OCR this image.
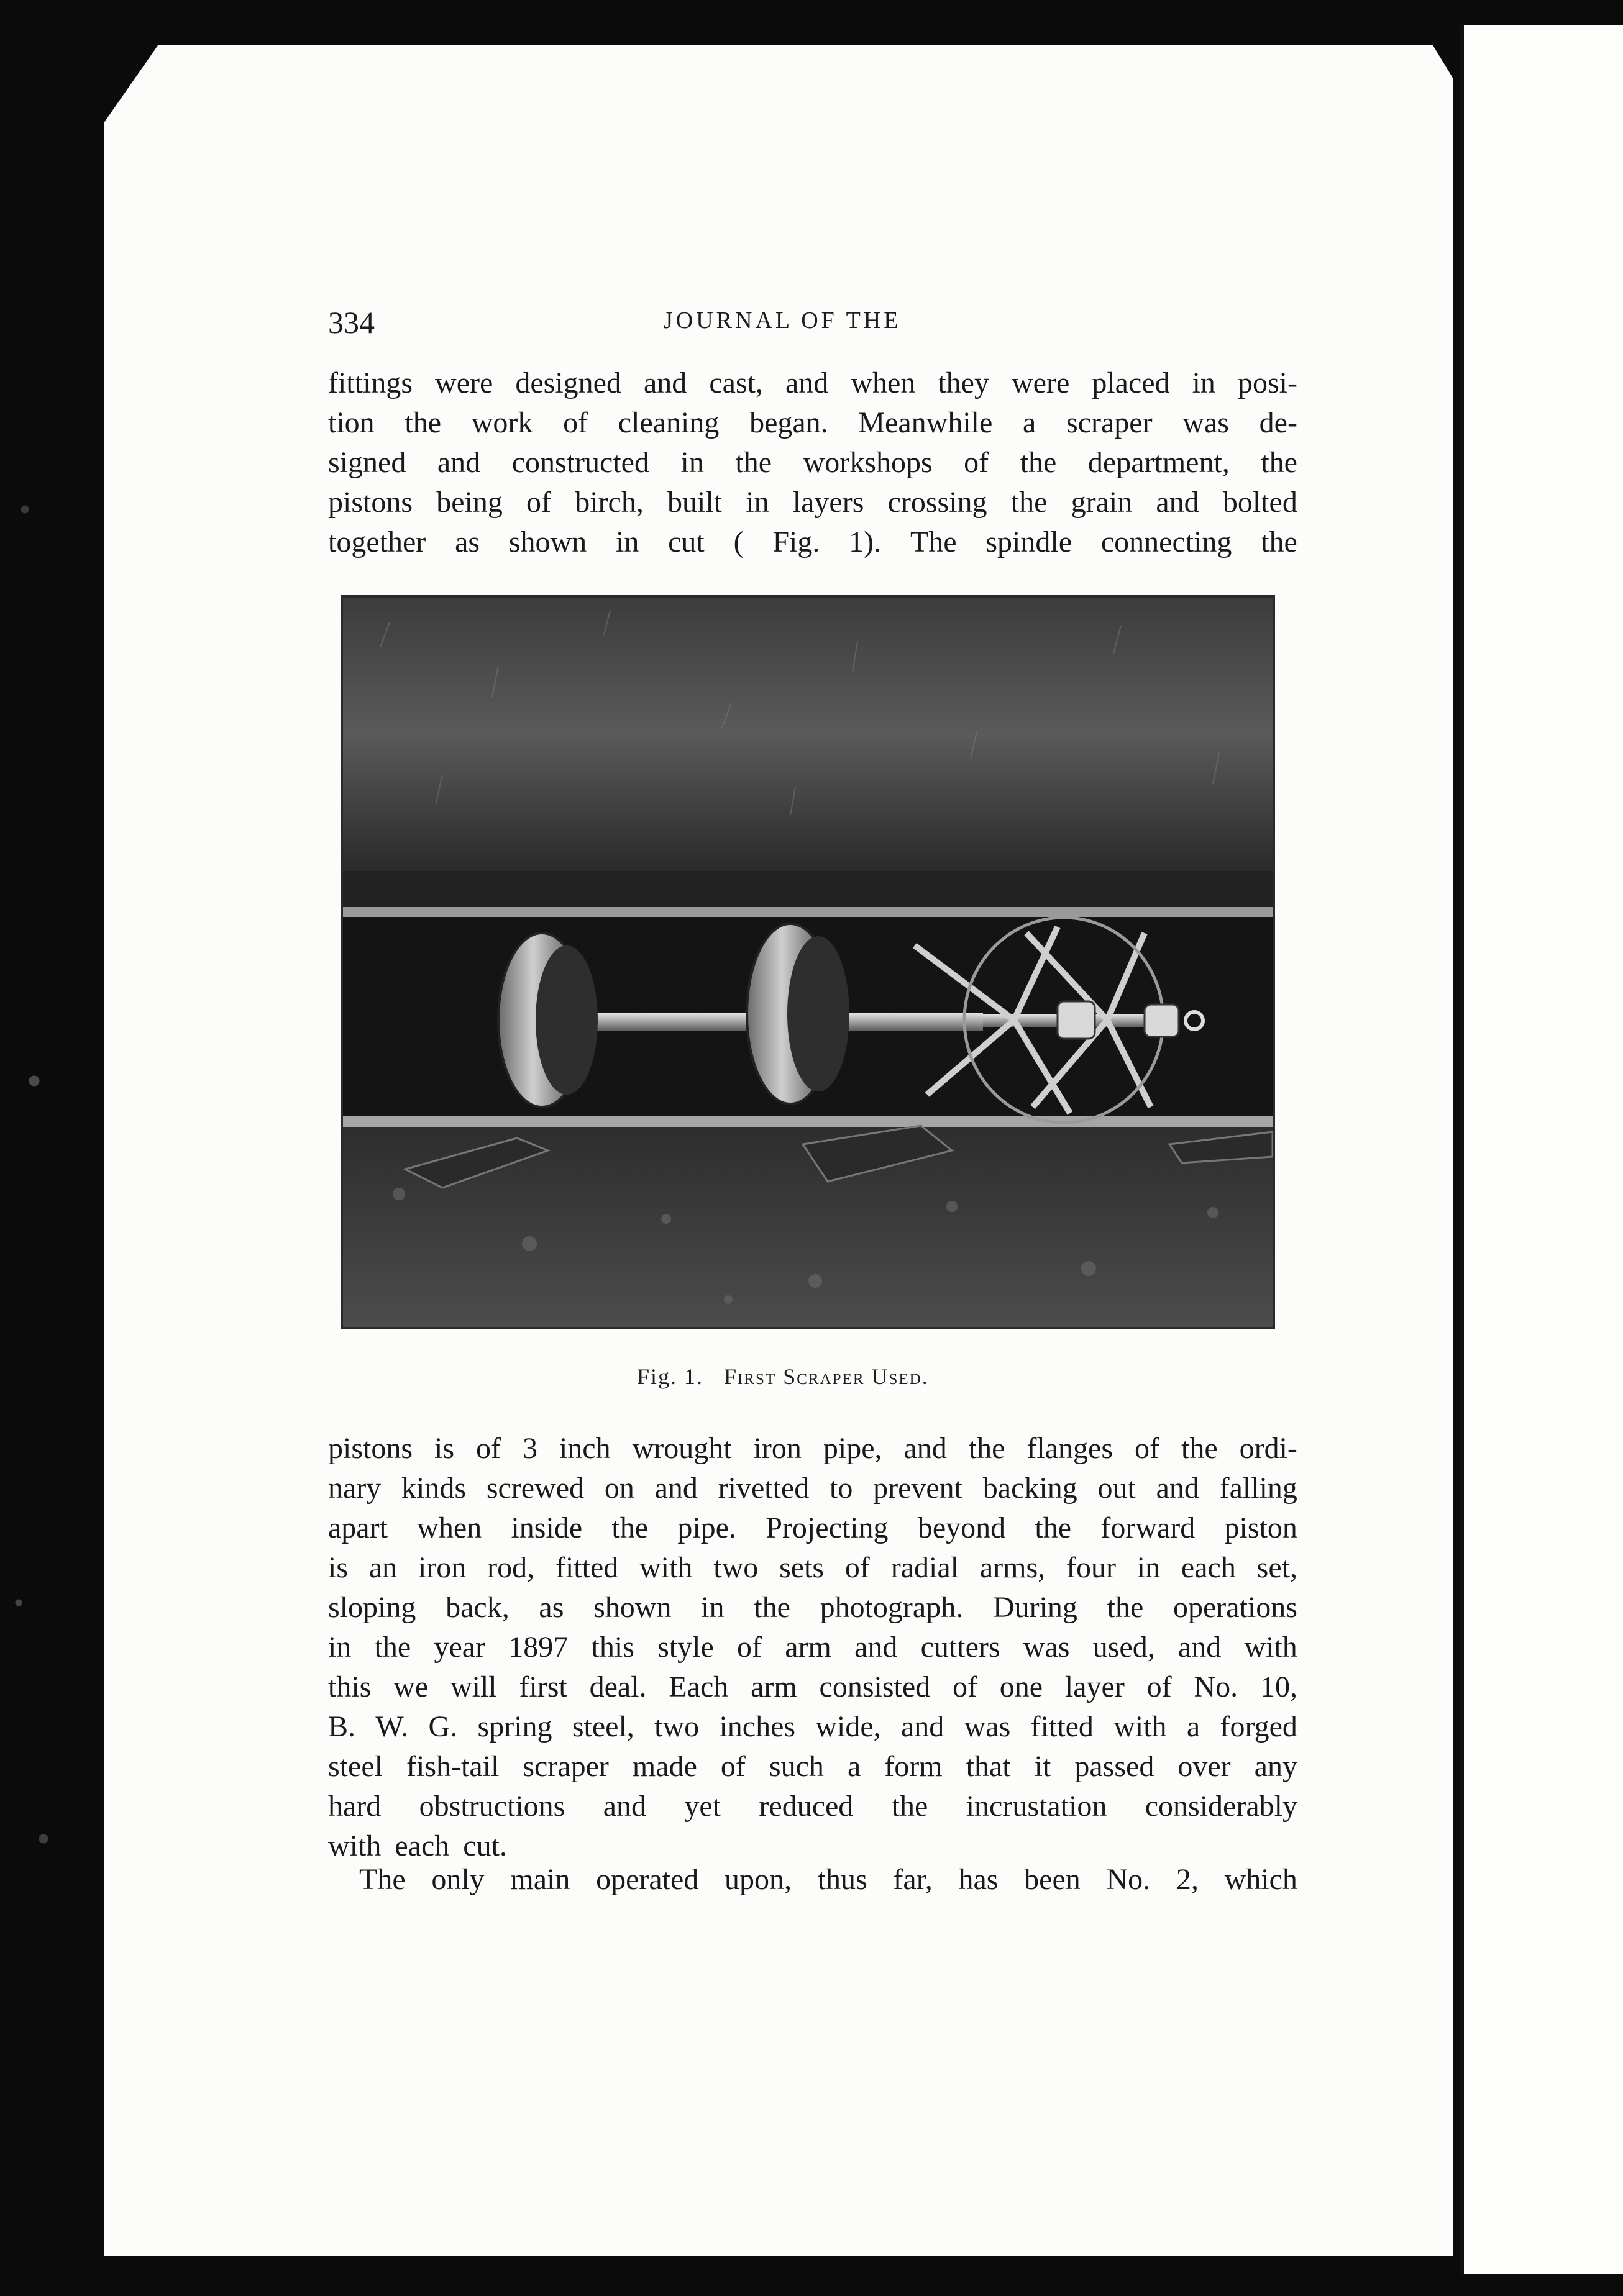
334	JOURNAL OF THE
fittings were designed and cast, and when they were placed in posi-
tion the work of cleaning began. Meanwhile a scraper was de-
signed and constructed in the workshops of the department, the
pistons being of birch, built in layers crossing the grain and bolted
together as shown in cut ( Fig. 1). The spindle connecting the
Fig. 1. First Scraper Used.
pistons is of 3 inch wrought iron pipe, and the flanges of the ordi-
nary kinds screwed on and rivetted to prevent backing out and falling
apart when inside the pipe. Projecting beyond the forward piston
is an iron rod, fitted with two sets of radial arms, four in each set,
sloping back, as shown in the photograph. During the operations
in the year 1897 this style of arm and cutters was used, and with
this we will first deal. Each arm consisted of one layer of No. 10,
B. W. G. spring steel, two inches wide, and was fitted with a forged
steel fish-tail scraper made of such a form that it passed over any
hard obstructions and yet reduced the incrustation considerably
with each cut.
The only main operated upon, thus far, has been No. 2, which
